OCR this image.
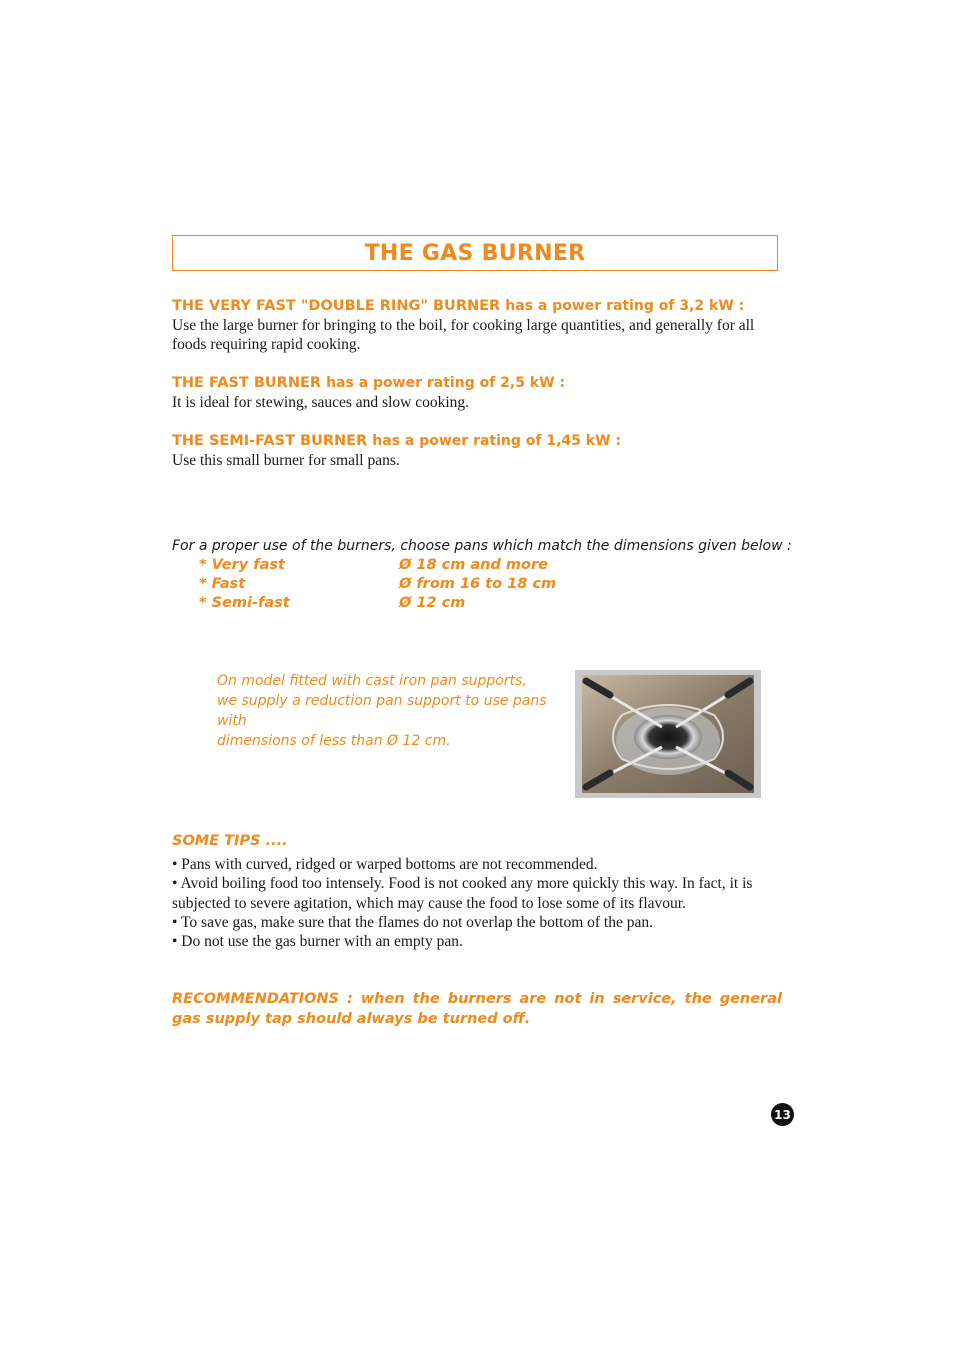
THE GAS BURNER
THE VERY FAST "DOUBLE RING" BURNER has a power rating of 3,2 kW :
Use the large burner for bringing to the boil, for cooking large quantities, and generally for all foods requiring rapid cooking.
THE FAST BURNER has a power rating of 2,5 kW :
It is ideal for stewing, sauces and slow cooking.
THE SEMI-FAST BURNER has a power rating of 1,45 kW :
Use this small burner for small pans.
For a proper use of the burners, choose pans which match the dimensions given below :
* Very fast	Ø 18 cm and more
* Fast	Ø from 16 to 18 cm
* Semi-fast	Ø 12 cm
On model fitted with cast iron pan supports,
we supply a reduction pan support to use pans with
dimensions of less than Ø 12 cm.
SOME TIPS ....
• Pans with curved, ridged or warped bottoms are not recommended.
• Avoid boiling food too intensely. Food is not cooked any more quickly this way. In fact, it is subjected to severe agitation, which may cause the food to lose some of its flavour.
• To save gas, make sure that the flames do not overlap the bottom of the pan.
• Do not use the gas burner with an empty pan.
RECOMMENDATIONS : when the burners are not in service, the general gas supply tap should always be turned off.
13
